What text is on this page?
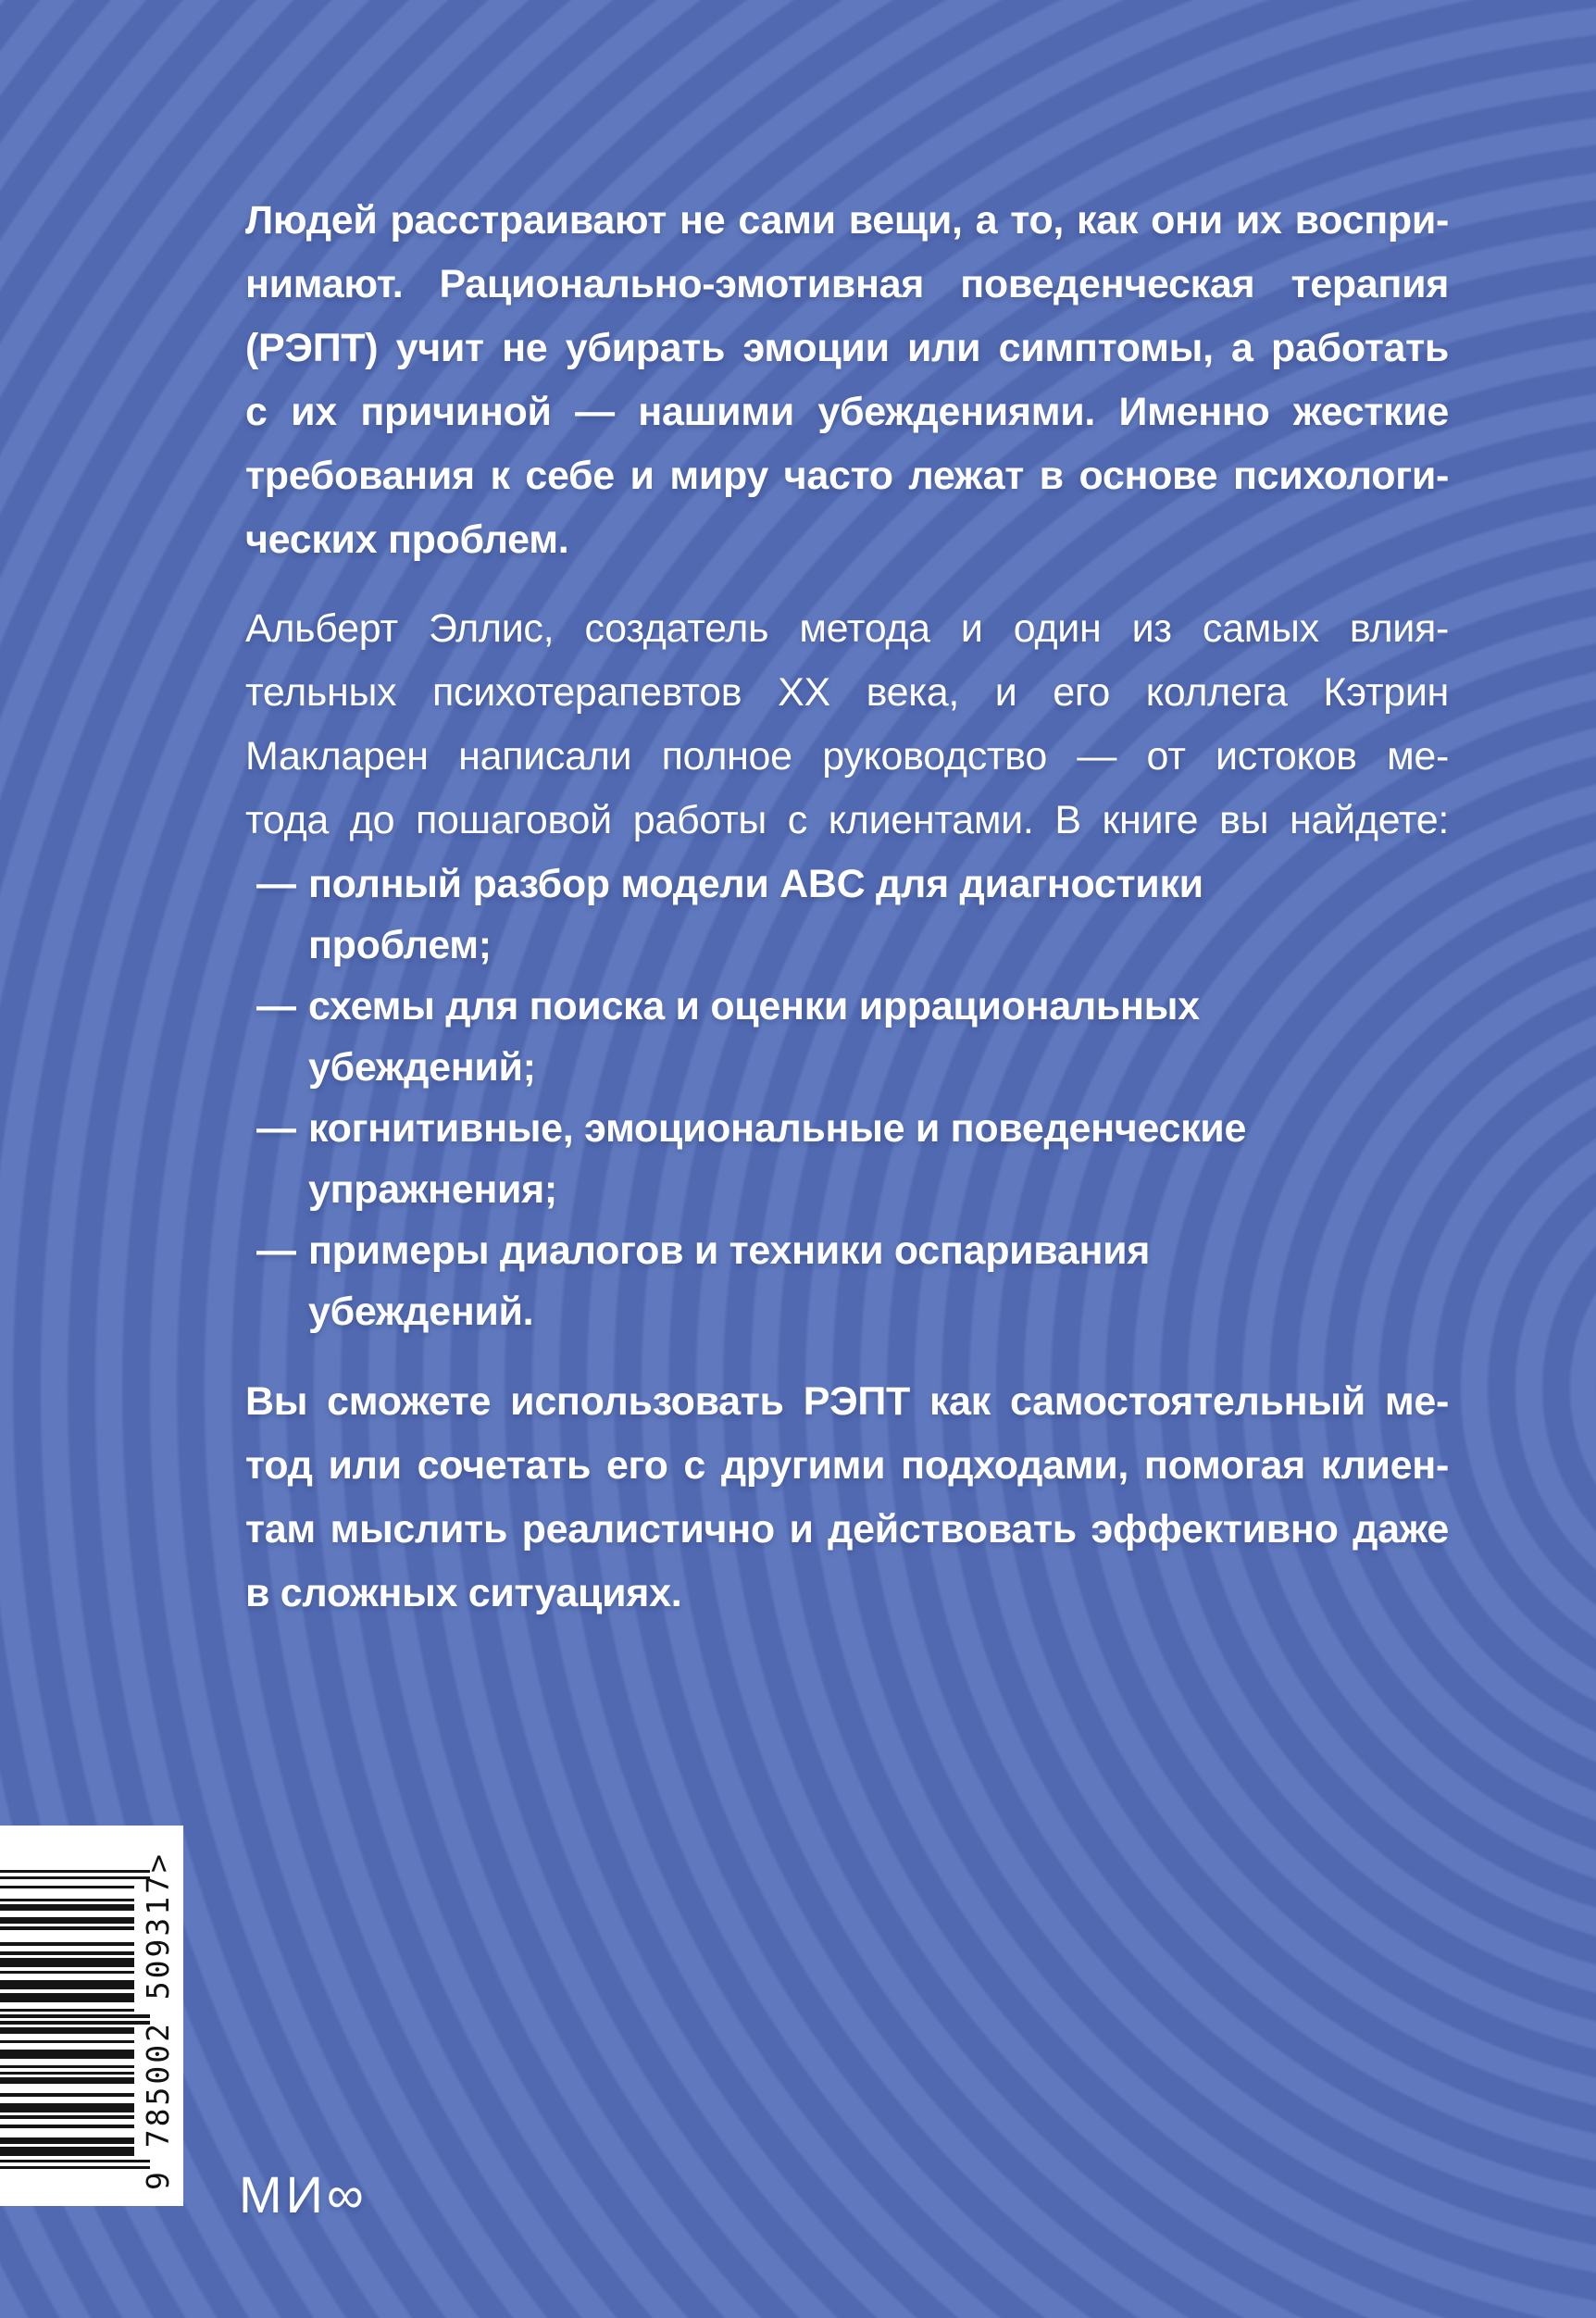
Людей расстраивают не сами вещи, а то, как они их воспри-
нимают. Рационально-эмотивная поведенческая терапия
(РЭПТ) учит не убирать эмоции или симптомы, а работать
с их причиной — нашими убеждениями. Именно жесткие
требования к себе и миру часто лежат в основе психологи-
ческих проблем.
Альберт Эллис, создатель метода и один из самых влия-
тельных психотерапевтов XX века, и его коллега Кэтрин
Макларен написали полное руководство — от истоков ме-
тода до пошаговой работы с клиентами. В книге вы найдете:
— полный разбор модели ABC для диагностики
проблем;
— схемы для поиска и оценки иррациональных
убеждений;
— когнитивные, эмоциональные и поведенческие
упражнения;
— примеры диалогов и техники оспаривания
убеждений.
Вы сможете использовать РЭПТ как самостоятельный ме-
тод или сочетать его с другими подходами, помогая клиен-
там мыслить реалистично и действовать эффективно даже
в сложных ситуациях.
9 785002 509317
>
МИ∞
